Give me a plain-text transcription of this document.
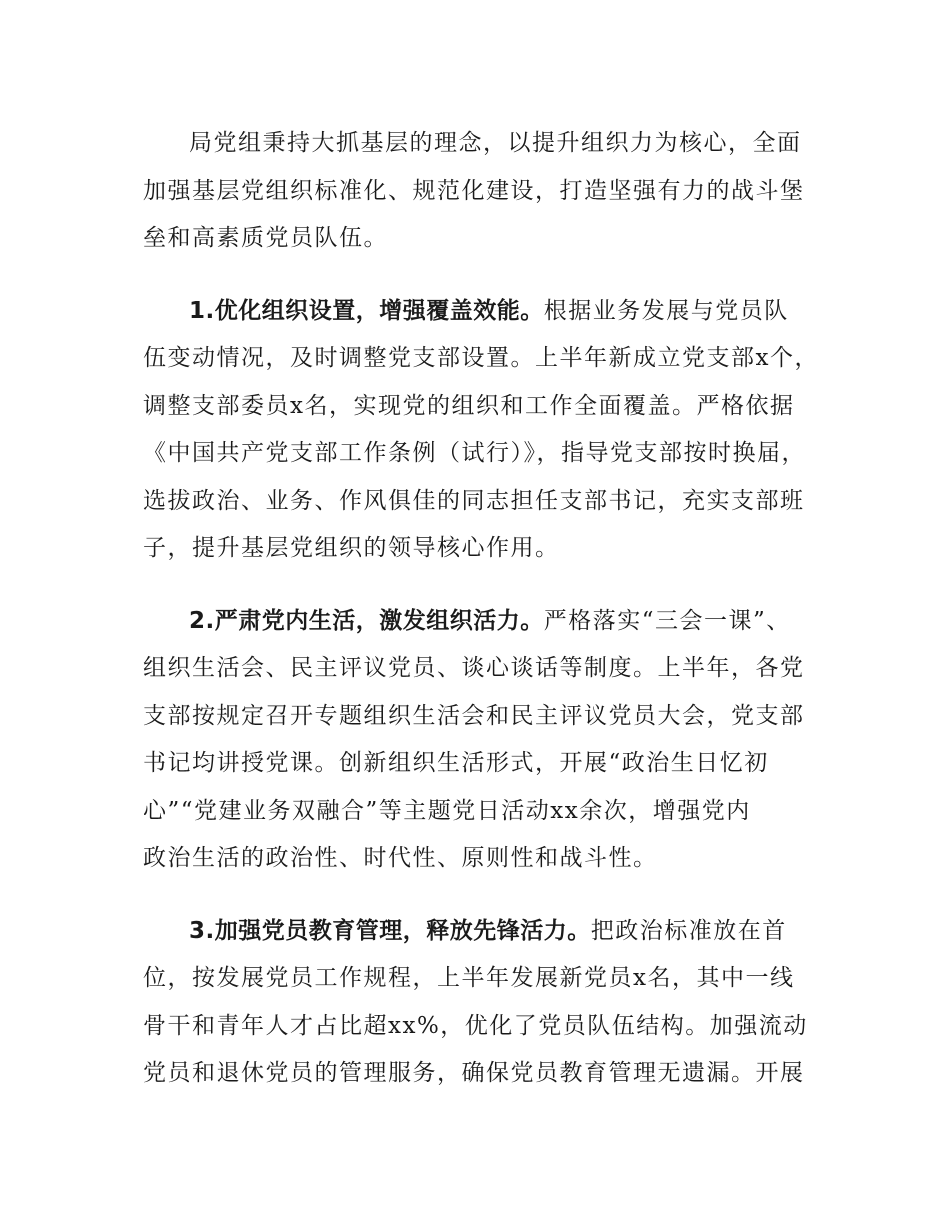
局党组秉持大抓基层的理念，以提升组织力为核心，全面
加强基层党组织标准化、规范化建设，打造坚强有力的战斗堡
垒和高素质党员队伍。

1.优化组织设置，增强覆盖效能。根据业务发展与党员队
伍变动情况，及时调整党支部设置。上半年新成立党支部x个，
调整支部委员x名，实现党的组织和工作全面覆盖。严格依据
《中国共产党支部工作条例（试行）》，指导党支部按时换届，
选拔政治、业务、作风俱佳的同志担任支部书记，充实支部班
子，提升基层党组织的领导核心作用。

2.严肃党内生活，激发组织活力。严格落实“三会一课”、
组织生活会、民主评议党员、谈心谈话等制度。上半年，各党
支部按规定召开专题组织生活会和民主评议党员大会，党支部
书记均讲授党课。创新组织生活形式，开展“政治生日忆初
心”“党建业务双融合”等主题党日活动xx余次，增强党内
政治生活的政治性、时代性、原则性和战斗性。

3.加强党员教育管理，释放先锋活力。把政治标准放在首
位，按发展党员工作规程，上半年发展新党员x名，其中一线
骨干和青年人才占比超xx%，优化了党员队伍结构。加强流动
党员和退休党员的管理服务，确保党员教育管理无遗漏。开展
